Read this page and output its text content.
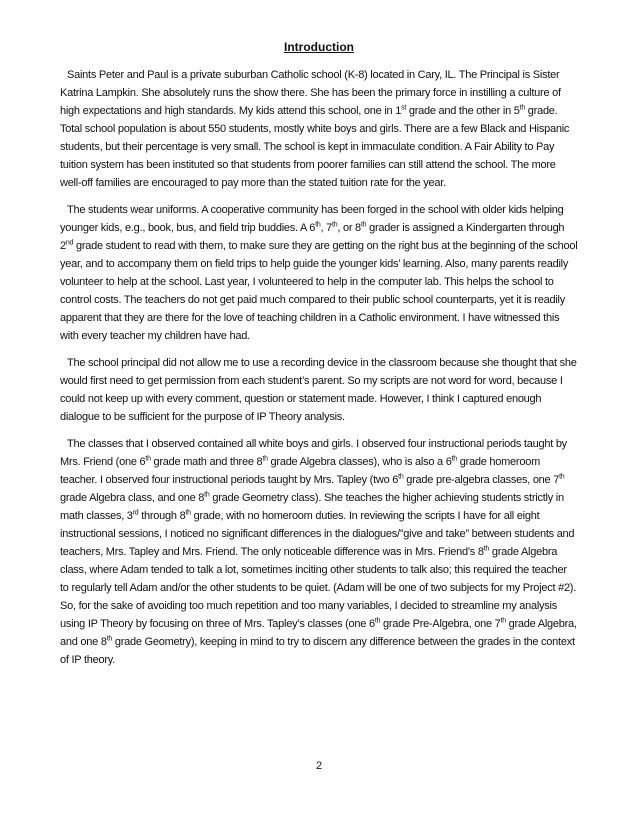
Introduction

Saints Peter and Paul is a private suburban Catholic school (K-8) located in Cary, IL. The Principal is Sister Katrina Lampkin. She absolutely runs the show there. She has been the primary force in instilling a culture of high expectations and high standards. My kids attend this school, one in 1st grade and the other in 5th grade. Total school population is about 550 students, mostly white boys and girls. There are a few Black and Hispanic students, but their percentage is very small. The school is kept in immaculate condition. A Fair Ability to Pay tuition system has been instituted so that students from poorer families can still attend the school. The more well-off families are encouraged to pay more than the stated tuition rate for the year.

The students wear uniforms. A cooperative community has been forged in the school with older kids helping younger kids, e.g., book, bus, and field trip buddies. A 6th, 7th, or 8th grader is assigned a Kindergarten through 2nd grade student to read with them, to make sure they are getting on the right bus at the beginning of the school year, and to accompany them on field trips to help guide the younger kids’ learning. Also, many parents readily volunteer to help at the school. Last year, I volunteered to help in the computer lab. This helps the school to control costs. The teachers do not get paid much compared to their public school counterparts, yet it is readily apparent that they are there for the love of teaching children in a Catholic environment. I have witnessed this with every teacher my children have had.

The school principal did not allow me to use a recording device in the classroom because she thought that she would first need to get permission from each student’s parent. So my scripts are not word for word, because I could not keep up with every comment, question or statement made. However, I think I captured enough dialogue to be sufficient for the purpose of IP Theory analysis.

The classes that I observed contained all white boys and girls. I observed four instructional periods taught by Mrs. Friend (one 6th grade math and three 8th grade Algebra classes), who is also a 6th grade homeroom teacher. I observed four instructional periods taught by Mrs. Tapley (two 6th grade pre-algebra classes, one 7th grade Algebra class, and one 8th grade Geometry class). She teaches the higher achieving students strictly in math classes, 3rd through 8th grade, with no homeroom duties. In reviewing the scripts I have for all eight instructional sessions, I noticed no significant differences in the dialogues/”give and take” between students and teachers, Mrs. Tapley and Mrs. Friend. The only noticeable difference was in Mrs. Friend’s 8th grade Algebra class, where Adam tended to talk a lot, sometimes inciting other students to talk also; this required the teacher to regularly tell Adam and/or the other students to be quiet. (Adam will be one of two subjects for my Project #2). So, for the sake of avoiding too much repetition and too many variables, I decided to streamline my analysis using IP Theory by focusing on three of Mrs. Tapley’s classes (one 6th grade Pre-Algebra, one 7th grade Algebra, and one 8th grade Geometry), keeping in mind to try to discern any difference between the grades in the context of IP theory.

2
